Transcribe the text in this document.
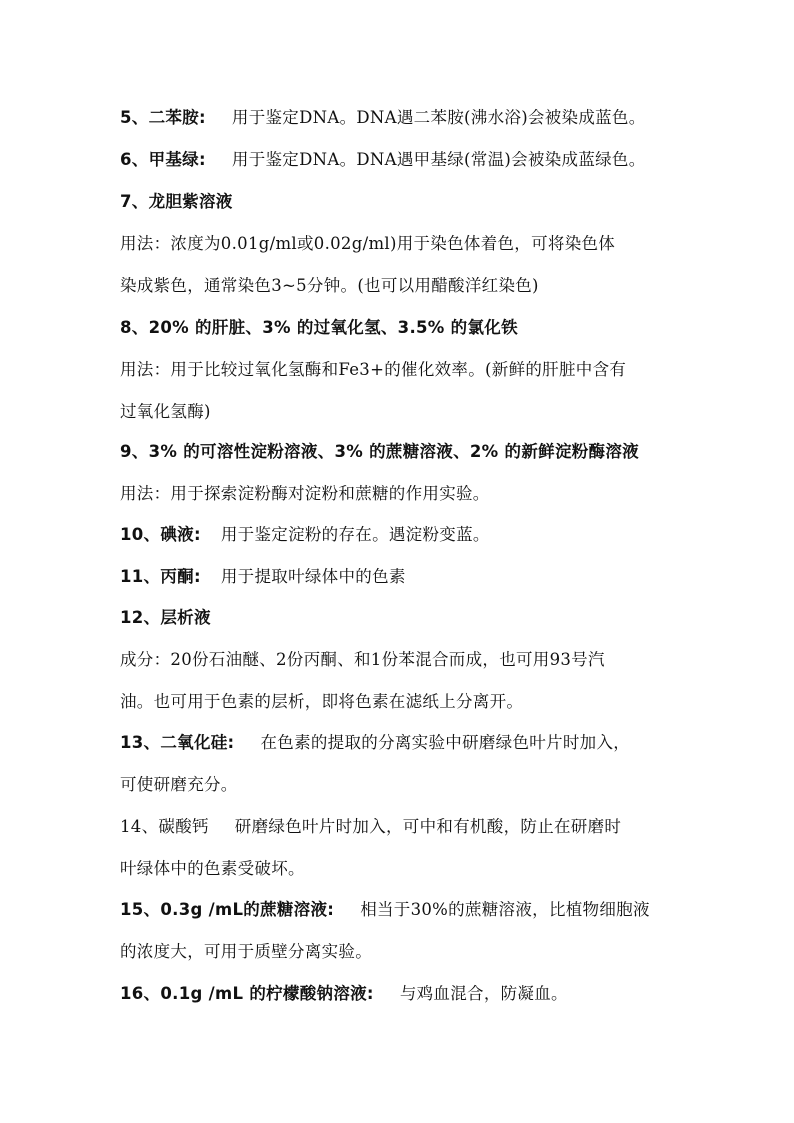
5、二苯胺: 用于鉴定DNA。DNA遇二苯胺(沸水浴)会被染成蓝色。
6、甲基绿: 用于鉴定DNA。DNA遇甲基绿(常温)会被染成蓝绿色。
7、龙胆紫溶液
用法：浓度为0.01g/ml或0.02g/ml)用于染色体着色，可将染色体
染成紫色，通常染色3~5分钟。(也可以用醋酸洋红染色)
8、20% 的肝脏、3% 的过氧化氢、3.5% 的氯化铁
用法：用于比较过氧化氢酶和Fe3+的催化效率。(新鲜的肝脏中含有
过氧化氢酶)
9、3% 的可溶性淀粉溶液、3% 的蔗糖溶液、2% 的新鲜淀粉酶溶液
用法：用于探索淀粉酶对淀粉和蔗糖的作用实验。
10、碘液: 用于鉴定淀粉的存在。遇淀粉变蓝。
11、丙酮: 用于提取叶绿体中的色素
12、层析液
成分：20份石油醚、2份丙酮、和1份苯混合而成，也可用93号汽
油。也可用于色素的层析，即将色素在滤纸上分离开。
13、二氧化硅: 在色素的提取的分离实验中研磨绿色叶片时加入，
可使研磨充分。
14、碳酸钙 研磨绿色叶片时加入，可中和有机酸，防止在研磨时
叶绿体中的色素受破坏。
15、0.3g /mL的蔗糖溶液: 相当于30%的蔗糖溶液，比植物细胞液
的浓度大，可用于质壁分离实验。
16、0.1g /mL 的柠檬酸钠溶液: 与鸡血混合，防凝血。
